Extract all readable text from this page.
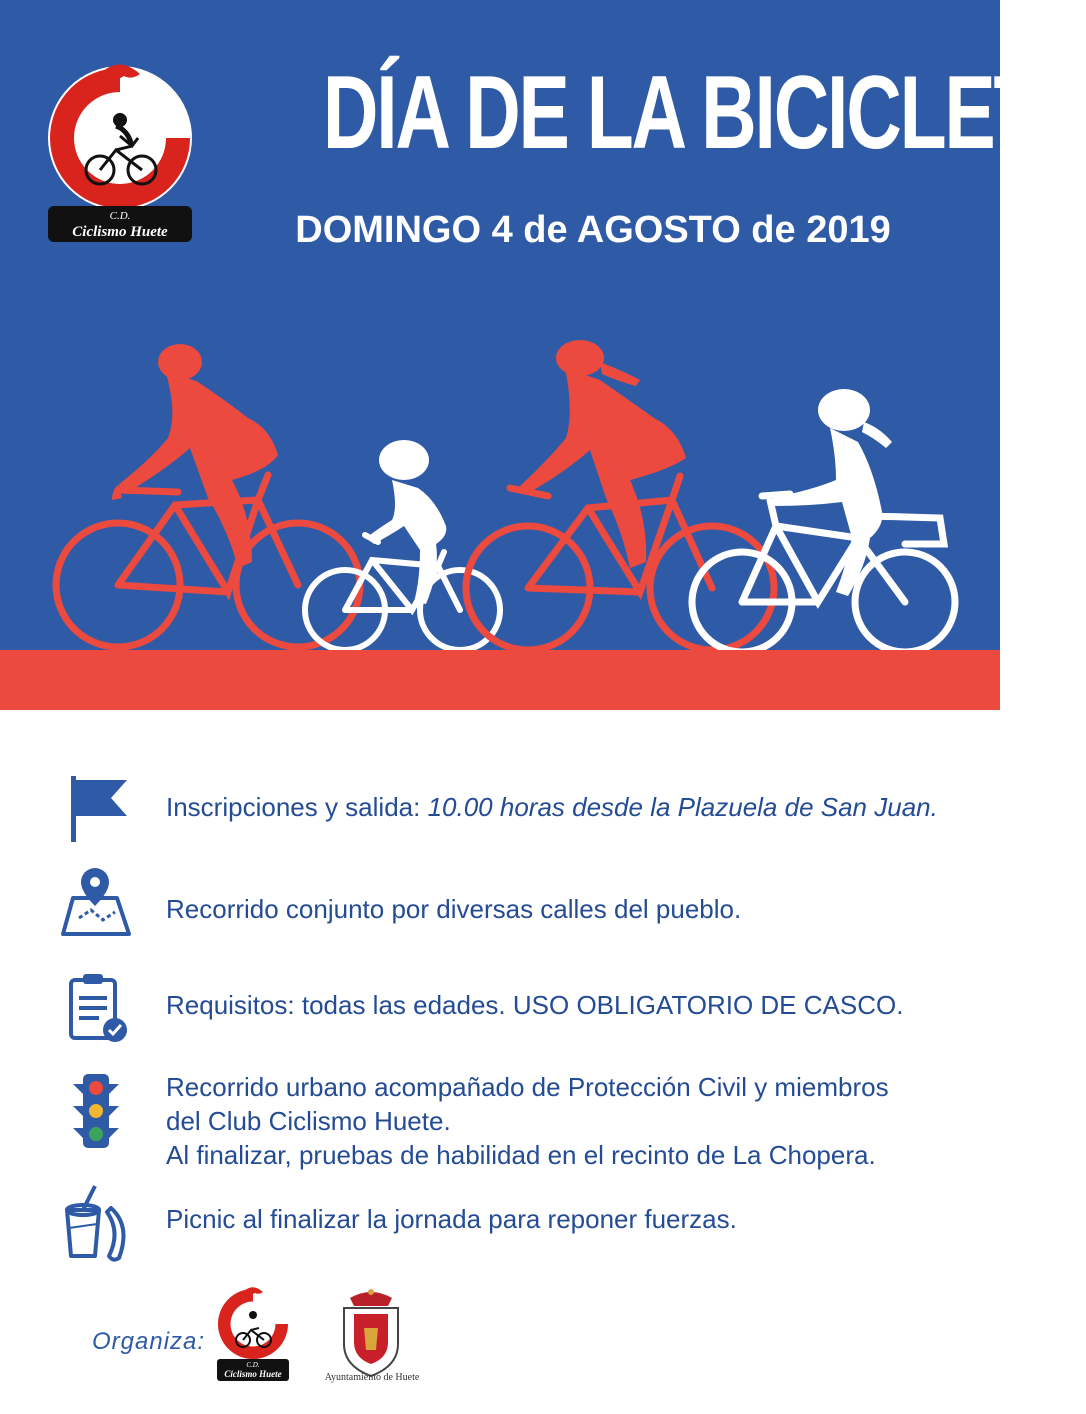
C.D.
Ciclismo Huete
DÍA DE LA BICICLETA
DOMINGO 4 de AGOSTO de 2019
Inscripciones y salida: 10.00 horas desde la Plazuela de San Juan.
Recorrido conjunto por diversas calles del pueblo.
Requisitos: todas las edades. USO OBLIGATORIO DE CASCO.
Recorrido urbano acompañado de Protección Civil y miembros
del Club Ciclismo Huete.
Al finalizar, pruebas de habilidad en el recinto de La Chopera.
Picnic al finalizar la jornada para reponer fuerzas.
Organiza:
C.D.
Ciclismo Huete	Ayuntamiento de Huete
